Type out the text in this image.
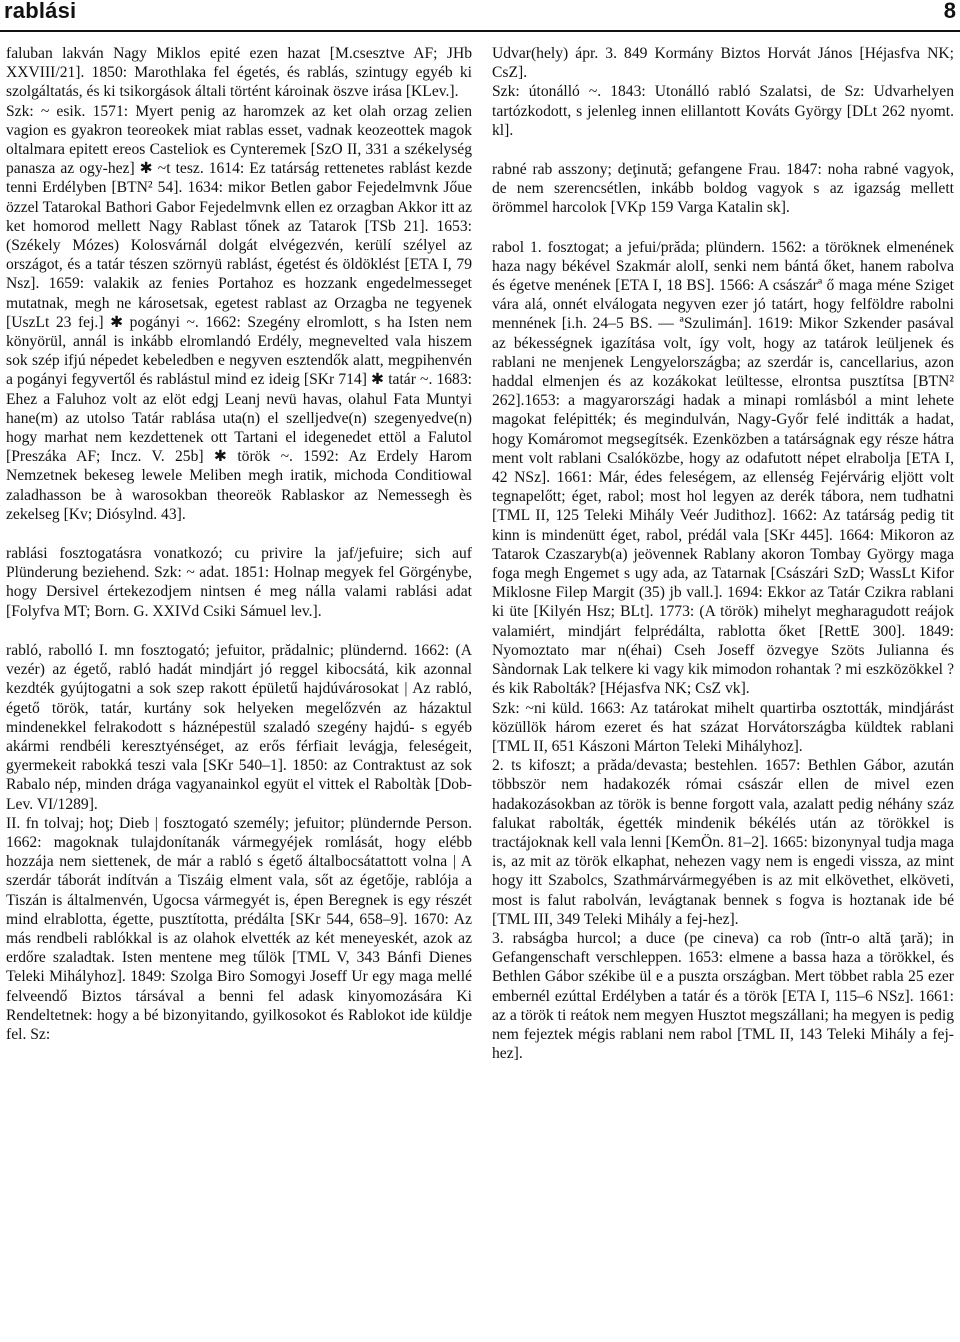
rablási	8

faluban lakván Nagy Miklos epité ezen hazat [M.csesztve AF; JHb XXVIII/21]. 1850: Marothlaka fel égetés, és rablás, szintugy egyéb ki szolgáltatás, és ki tsikorgások általi történt károinak öszve irása [KLev.].

Szk: ~ esik. 1571: Myert penig az haromzek az ket olah orzag zelien vagion es gyakron teoreokek miat rablas esset, vadnak keozeottek magok oltalmara epitett ereos Casteliok es Cynteremek [SzO II, 331 a székelység panasza az ogy-hez] ✱ ~t tesz. 1614: Ez tatárság rettenetes rablást kezde tenni Erdélyben [BTN² 54]. 1634: mikor Betlen gabor Fejedelmvnk Jőue özzel Tatarokal Bathori Gabor Fejedelmvnk ellen ez orzagban Akkor itt az ket homorod mellett Nagy Rablast tőnek az Tatarok [TSb 21]. 1653: (Székely Mózes) Kolosvárnál dolgát elvégezvén, kerülí szélyel az országot, és a tatár tészen szörnyü rablást, égetést és öldöklést [ETA I, 79 Nsz]. 1659: valakik az fenies Portahoz es hozzank engedelmesseget mutatnak, megh ne károsetsak, egetest rablast az Orzagba ne tegyenek [UszLt 23 fej.] ✱ pogányi ~. 1662: Szegény elromlott, s ha Isten nem könyörül, annál is inkább elromlandó Erdély, megnevelted vala hiszem sok szép ifjú népedet kebeledben e negyven esztendők alatt, megpihenvén a pogányi fegyvertől és rablástul mind ez ideig [SKr 714] ✱ tatár ~. 1683: Ehez a Faluhoz volt az elöt edgj Leanj nevü havas, olahul Fata Muntyi hane(m) az utolso Tatár rablása uta(n) el szelljedve(n) szegenyedve(n) hogy marhat nem kezdettenek ott Tartani el idegenedet ettöl a Falutol [Preszáka AF; Incz. V. 25b] ✱ török ~. 1592: Az Erdely Harom Nemzetnek bekeseg lewele Meliben megh iratik, michoda Conditiowal zaladhasson be à warosokban theoreök Rablaskor az Nemessegh ès zekelseg [Kv; Diósylnd. 43].

rablási fosztogatásra vonatkozó; cu privire la jaf/jefuire; sich auf Plünderung beziehend. Szk: ~ adat. 1851: Holnap megyek fel Görgénybe, hogy Dersivel értekezodjem nintsen é meg nálla valami rablási adat [Folyfva MT; Born. G. XXIVd Csiki Sámuel lev.].

rabló, rabolló I. mn fosztogató; jefuitor, prădalnic; plündernd. 1662: (A vezér) az égető, rabló hadát mindjárt jó reggel kibocsátá, kik azonnal kezdték gyújtogatni a sok szep rakott épületű hajdúvárosokat | Az rabló, égető török, tatár, kurtány sok helyeken megelőzvén az házaktul mindenekkel felrakodott s háznépestül szaladó szegény hajdú- s egyéb akármi rendbéli keresztyénséget, az erős férfiait levágja, feleségeit, gyermekeit rabokká teszi vala [SKr 540–1]. 1850: az Contraktust az sok Rabalo nép, minden drága vagyanainkol együt el vittek el Raboltàk [Dob-Lev. VI/1289].

II. fn tolvaj; hoţ; Dieb | fosztogató személy; jefuitor; plündernde Person. 1662: magoknak tulajdonítanák vármegyéjek romlását, hogy elébb hozzája nem siettenek, de már a rabló s égető általbocsátattott volna | A szerdár táborát indítván a Tiszáig elment vala, sőt az égetője, rablója a Tiszán is általmenvén, Ugocsa vármegyét is, épen Beregnek is egy részét mind elrablotta, égette, pusztította, prédálta [SKr 544, 658–9]. 1670: Az más rendbeli rablókkal is az olahok elvették az két meneyeskét, azok az erdőre szaladtak. Isten mentene meg tűlök [TML V, 343 Bánfi Dienes Teleki Mihályhoz]. 1849: Szolga Biro Somogyi Joseff Ur egy maga mellé felveendő Biztos társával a benni fel adask kinyomozására Ki Rendeltetnek: hogy a bé bizonyitando, gyilkosokot és Rablokot ide küldje fel. Sz:

Udvar(hely) ápr. 3. 849 Kormány Biztos Horvát János [Héjasfva NK; CsZ].

Szk: útonálló ~. 1843: Utonálló rabló Szalatsi, de Sz: Udvarhelyen tartózkodott, s jelenleg innen elillantott Kováts György [DLt 262 nyomt. kl].

rabné rab asszony; deţinută; gefangene Frau. 1847: noha rabné vagyok, de nem szerencsétlen, inkább boldog vagyok s az igazság mellett örömmel harcolok [VKp 159 Varga Katalin sk].

rabol 1. fosztogat; a jefui/prăda; plündern. 1562: a töröknek elmenének haza nagy békével Szakmár alolI, senki nem bántá őket, hanem rabolva és égetve menének [ETA I, 18 BS]. 1566: A császárª ő maga méne Sziget vára alá, onnét elválogata negyven ezer jó tatárt, hogy felföldre rabolni mennének [i.h. 24–5 BS. — ªSzulimán]. 1619: Mikor Szkender pasával az békességnek igazítása volt, így volt, hogy az tatárok leüljenek és rablani ne menjenek Lengyelországba; az szerdár is, cancellarius, azon haddal elmenjen és az kozákokat leültesse, elrontsa pusztítsa [BTN² 262].1653: a magyarországi hadak a minapi romlásból a mint lehete magokat felépitték; és megindulván, Nagy-Győr felé inditták a hadat, hogy Komáromot megsegítsék. Ezenközben a tatárságnak egy része hátra ment volt rablani Csalóközbe, hogy az odafutott népet elrabolja [ETA I, 42 NSz]. 1661: Már, édes feleségem, az ellenség Fejérvárig eljött volt tegnapelőtt; éget, rabol; most hol legyen az derék tábora, nem tudhatni [TML II, 125 Teleki Mihály Veér Judithoz]. 1662: Az tatárság pedig tit kinn is mindenütt éget, rabol, prédál vala [SKr 445]. 1664: Mikoron az Tatarok Czaszaryb(a) jeövennek Rablany akoron Tombay György maga foga megh Engemet s ugy ada, az Tatarnak [Császári SzD; WassLt Kifor Miklosne Filep Margit (35) jb vall.]. 1694: Ekkor az Tatár Czikra rablani ki üte [Kilyén Hsz; BLt]. 1773: (A török) mihelyt megharagudott reájok valamiért, mindjárt felprédálta, rablotta őket [RettE 300]. 1849: Nyomoztato mar n(éhai) Cseh Joseff özvegye Szöts Julianna és Sàndornak Lak telkere ki vagy kik mimodon rohantak ? mi eszközökkel ? és kik Rabolták? [Héjasfva NK; CsZ vk].

Szk: ~ni küld. 1663: Az tatárokat mihelt quartirba osztották, mindjárást közüllök három ezeret és hat százat Horvátországba küldtek rablani [TML II, 651 Kászoni Márton Teleki Mihályhoz].

2. ts kifoszt; a prăda/devasta; bestehlen. 1657: Bethlen Gábor, azután többször nem hadakozék római császár ellen de mivel ezen hadakozásokban az török is benne forgott vala, azalatt pedig néhány száz falukat rabolták, égették mindenik békélés után az törökkel is tractájoknak kell vala lenni [KemÖn. 81–2]. 1665: bizonynyal tudja maga is, az mit az török elkaphat, nehezen vagy nem is engedi vissza, az mint hogy itt Szabolcs, Szathmárvármegyében is az mit elkövethet, elköveti, most is falut rabolván, levágtanak bennek s fogva is hoztanak ide bé [TML III, 349 Teleki Mihály a fej-hez].

3. rabságba hurcol; a duce (pe cineva) ca rob (într-o altă ţară); in Gefangenschaft verschleppen. 1653: elmene a bassa haza a törökkel, és Bethlen Gábor székibe ül e a puszta országban. Mert többet rabla 25 ezer embernél ezúttal Erdélyben a tatár és a török [ETA I, 115–6 NSz]. 1661: az a török ti reátok nem megyen Husztot megszállani; ha megyen is pedig nem fejeztek mégis rablani nem rabol [TML II, 143 Teleki Mihály a fej-hez].
